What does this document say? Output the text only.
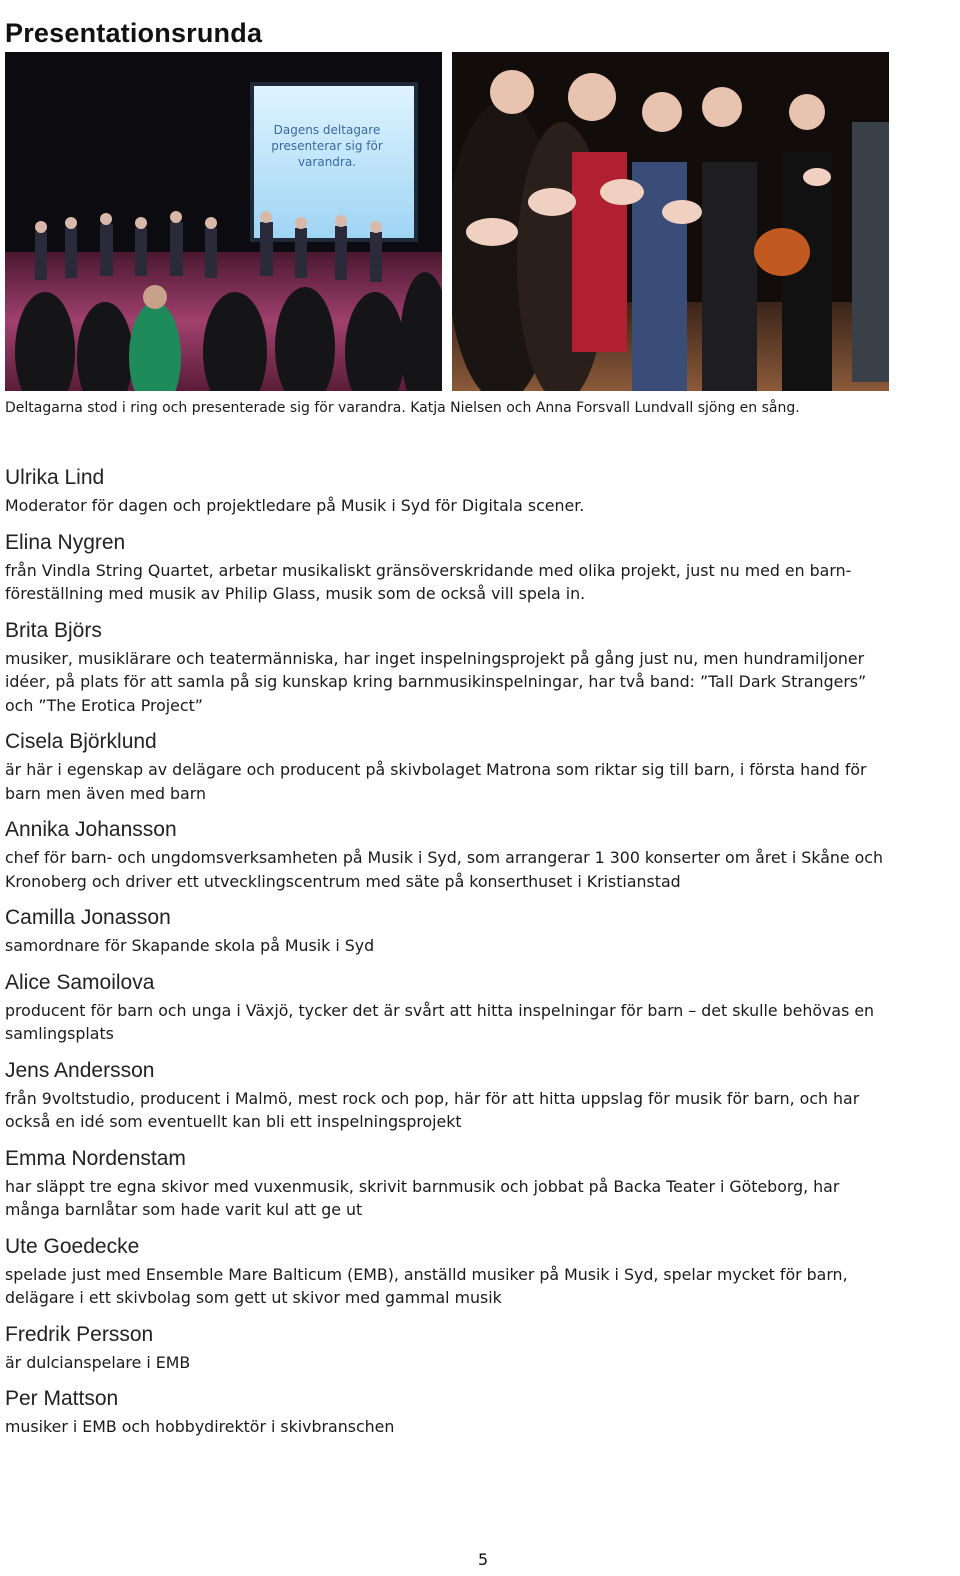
Presentationsrunda
Dagens deltagare
presenterar sig för
varandra.
Deltagarna stod i ring och presenterade sig för varandra. Katja Nielsen och Anna Forsvall Lundvall sjöng en sång.
Ulrika Lind
Moderator för dagen och projektledare på Musik i Syd för Digitala scener.
Elina Nygren
från Vindla String Quartet, arbetar musikaliskt gränsöverskridande med olika projekt, just nu med en barn-
föreställning med musik av Philip Glass, musik som de också vill spela in.
Brita Björs
musiker, musiklärare och teatermänniska, har inget inspelningsprojekt på gång just nu, men hundramiljoner
idéer, på plats för att samla på sig kunskap kring barnmusikinspelningar, har två band: ”Tall Dark Strangers”
och ”The Erotica Project”
Cisela Björklund
är här i egenskap av delägare och producent på skivbolaget Matrona som riktar sig till barn, i första hand för
barn men även med barn
Annika Johansson
chef för barn- och ungdomsverksamheten på Musik i Syd, som arrangerar 1 300 konserter om året i Skåne och
Kronoberg och driver ett utvecklingscentrum med säte på konserthuset i Kristianstad
Camilla Jonasson
samordnare för Skapande skola på Musik i Syd
Alice Samoilova
producent för barn och unga i Växjö, tycker det är svårt att hitta inspelningar för barn – det skulle behövas en
samlingsplats
Jens Andersson
från 9voltstudio, producent i Malmö, mest rock och pop, här för att hitta uppslag för musik för barn, och har
också en idé som eventuellt kan bli ett inspelningsprojekt
Emma Nordenstam
har släppt tre egna skivor med vuxenmusik, skrivit barnmusik och jobbat på Backa Teater i Göteborg, har
många barnlåtar som hade varit kul att ge ut
Ute Goedecke
spelade just med Ensemble Mare Balticum (EMB), anställd musiker på Musik i Syd, spelar mycket för barn,
delägare i ett skivbolag som gett ut skivor med gammal musik
Fredrik Persson
är dulcianspelare i EMB
Per Mattson
musiker i EMB och hobbydirektör i skivbranschen
5
